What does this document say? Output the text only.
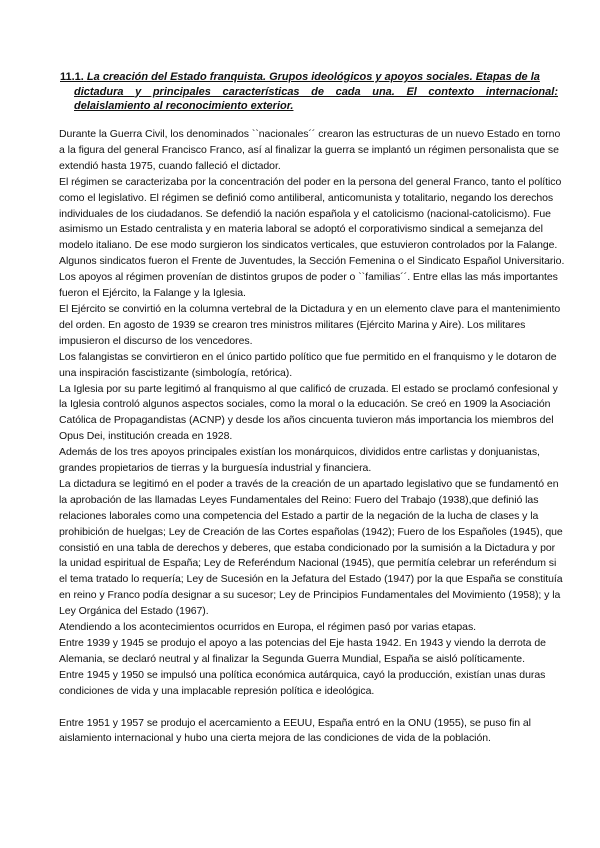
11.1. La creación del Estado franquista. Grupos ideológicos y apoyos sociales. Etapas de la
dictadura y principales características de cada una. El contexto internacional:
delaislamiento al reconocimiento exterior.

Durante la Guerra Civil, los denominados ``nacionales´´ crearon las estructuras de un nuevo Estado en torno a la figura del general Francisco Franco, así al finalizar la guerra se implantó un régimen personalista que se extendió hasta 1975, cuando falleció el dictador.

El régimen se caracterizaba por la concentración del poder en la persona del general Franco, tanto el político como el legislativo. El régimen se definió como antiliberal, anticomunista y totalitario, negando los derechos individuales de los ciudadanos. Se defendió la nación española y el catolicismo (nacional-catolicismo). Fue asimismo un Estado centralista y en materia laboral se adoptó el corporativismo sindical a semejanza del modelo italiano. De ese modo surgieron los sindicatos verticales, que estuvieron controlados por la Falange. Algunos sindicatos fueron el Frente de Juventudes, la Sección Femenina o el Sindicato Español Universitario.

Los apoyos al régimen provenían de distintos grupos de poder o ``familias´´. Entre ellas las más importantes fueron el Ejército, la Falange y la Iglesia.

El Ejército se convirtió en la columna vertebral de la Dictadura y en un elemento clave para el mantenimiento del orden. En agosto de 1939 se crearon tres ministros militares (Ejército Marina y Aire). Los militares impusieron el discurso de los vencedores.

Los falangistas se convirtieron en el único partido político que fue permitido en el franquismo y le dotaron de una inspiración fascistizante (simbología, retórica).

La Iglesia por su parte legitimó al franquismo al que calificó de cruzada. El estado se proclamó confesional y la Iglesia controló algunos aspectos sociales, como la moral o la educación. Se creó en 1909 la Asociación Católica de Propagandistas (ACNP) y desde los años cincuenta tuvieron más importancia los miembros del Opus Dei, institución creada en 1928.

Además de los tres apoyos principales existían los monárquicos, divididos entre carlistas y donjuanistas, grandes propietarios de tierras y la burguesía industrial y financiera.

La dictadura se legitimó en el poder a través de la creación de un apartado legislativo que se fundamentó en la aprobación de las llamadas Leyes Fundamentales del Reino: Fuero del Trabajo (1938),que definió las relaciones laborales como una competencia del Estado a partir de la negación de la lucha de clases y la prohibición de huelgas; Ley de Creación de las Cortes españolas (1942); Fuero de los Españoles (1945), que consistió en una tabla de derechos y deberes, que estaba condicionado por la sumisión a la Dictadura y por la unidad espiritual de España; Ley de Referéndum Nacional (1945), que permitía celebrar un referéndum si el tema tratado lo requería; Ley de Sucesión en la Jefatura del Estado (1947) por la que España se constituía en reino y Franco podía designar a su sucesor; Ley de Principios Fundamentales del Movimiento (1958); y la Ley Orgánica del Estado (1967).

Atendiendo a los acontecimientos ocurridos en Europa, el régimen pasó por varias etapas.

Entre 1939 y 1945 se produjo el apoyo a las potencias del Eje hasta 1942. En 1943 y viendo la derrota de Alemania, se declaró neutral y al finalizar la Segunda Guerra Mundial, España se aisló políticamente.

Entre 1945 y 1950 se impulsó una política económica autárquica, cayó la producción, existían unas duras condiciones de vida y una implacable represión política e ideológica.

Entre 1951 y 1957 se produjo el acercamiento a EEUU, España entró en la ONU (1955), se puso fin al aislamiento internacional y hubo una cierta mejora de las condiciones de vida de la población.
